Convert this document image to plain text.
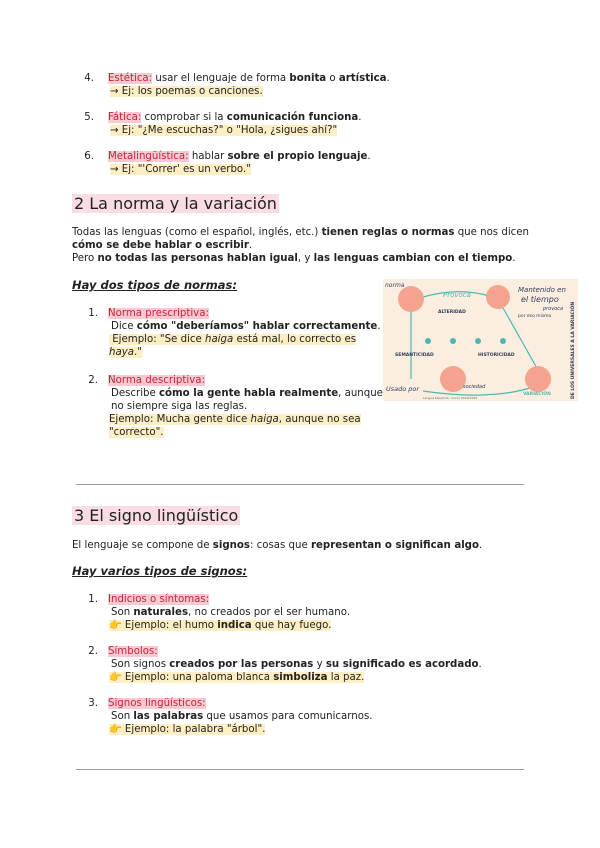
4. Estética: usar el lenguaje de forma bonita o artística.
→ Ej: los poemas o canciones.
5. Fática: comprobar si la comunicación funciona.
→ Ej: "¿Me escuchas?" o "Hola, ¿sigues ahí?"
6. Metalingüística: hablar sobre el propio lenguaje.
→ Ej: "'Correr' es un verbo."
2 La norma y la variación
Todas las lenguas (como el español, inglés, etc.) tienen reglas o normas que nos dicen
cómo se debe hablar o escribir.
Pero no todas las personas hablan igual, y las lenguas cambian con el tiempo.
Hay dos tipos de normas:
1. Norma prescriptiva:
Dice cómo "deberíamos" hablar correctamente.
Ejemplo: "Se dice haiga está mal, lo correcto es
haya."
2. Norma descriptiva:
Describe cómo la gente habla realmente, aunque
no siempre siga las reglas.
Ejemplo: Mucha gente dice haiga, aunque no sea
"correcto".
norma
Provoca
Mantenido en
el tiempo
provoca
por eso mismo
ALTERIDAD
SEMANTICIDAD	HISTORICIDAD
Usado por	sociedad
VARIACIÓN
Lengua Española · Curso 2024/2025	DE LOS UNIVERSALES A LA VARIACIÓN
3 El signo lingüístico
El lenguaje se compone de signos: cosas que representan o significan algo.
Hay varios tipos de signos:
1. Indicios o síntomas:
Son naturales, no creados por el ser humano.
👉 Ejemplo: el humo indica que hay fuego.
2. Símbolos:
Son signos creados por las personas y su significado es acordado.
👉 Ejemplo: una paloma blanca simboliza la paz.
3. Signos lingüísticos:
Son las palabras que usamos para comunicarnos.
👉 Ejemplo: la palabra "árbol".
